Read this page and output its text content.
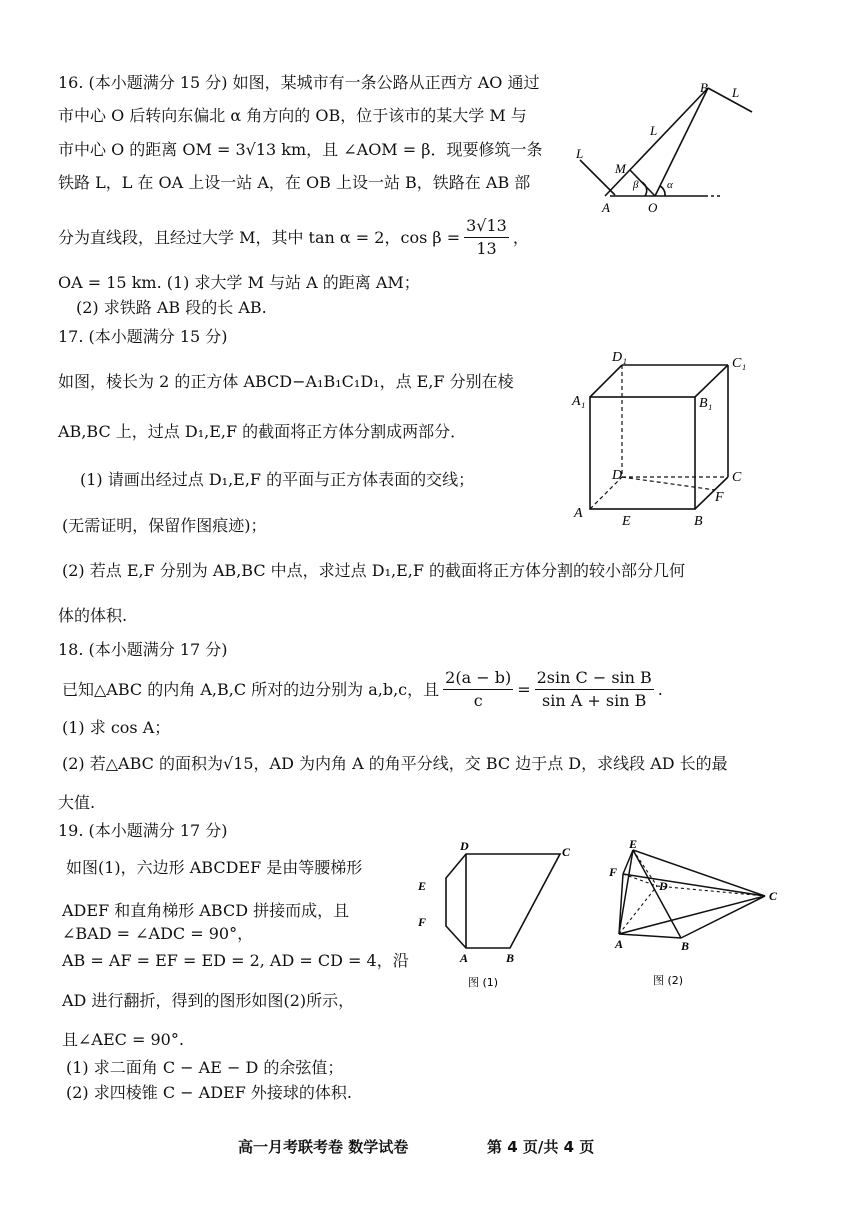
16. (本小题满分 15 分) 如图，某城市有一条公路从正西方 AO 通过
市中心 O 后转向东偏北 α 角方向的 OB，位于该市的某大学 M 与
市中心 O 的距离 OM = 3√13 km，且 ∠AOM = β．现要修筑一条
铁路 L，L 在 OA 上设一站 A，在 OB 上设一站 B，铁路在 AB 部
分为直线段，且经过大学 M，其中 tan α = 2，$\cos \beta = \frac{3√13}{13}$ ，
OA = 15 km. (1) 求大学 M 与站 A 的距离 AM；
(2) 求铁路 AB 段的长 AB.
B L
L
L
M
β	α
A	O
17. (本小题满分 15 分)
如图，棱长为 2 的正方体 ABCD−A₁B₁C₁D₁，点 E,F 分别在棱
AB,BC 上，过点 D₁,E,F 的截面将正方体分割成两部分．
(1) 请画出经过点 D₁,E,F 的平面与正方体表面的交线；
(无需证明，保留作图痕迹)；
(2) 若点 E,F 分别为 AB,BC 中点，求过点 D₁,E,F 的截面将正方体分割的较小部分几何
体的体积.
D₁	C₁
A₁	B₁
D	C
F
A
E	B
18. (本小题满分 17 分)
已知△ABC 的内角 A,B,C 所对的边分别为 a,b,c，且 $\frac{2(a - b)}{c} = \frac{\text{2sin C − sin B}}{\text{sin A + sin B}}$ .
(1) 求 cos A；
(2) 若△ABC 的面积为√15，AD 为内角 A 的角平分线，交 BC 边于点 D，求线段 AD 长的最
大值.
19. (本小题满分 17 分)
如图(1)，六边形 ABCDEF 是由等腰梯形
ADEF 和直角梯形 ABCD 拼接而成，且
∠BAD = ∠ADC = 90°，
AB = AF = EF = ED = 2, AD = CD = 4，沿
AD 进行翻折，得到的图形如图(2)所示，
且∠AEC = 90°.
(1) 求二面角 C − AE − D 的余弦值；
(2) 求四棱锥 C − ADEF 外接球的体积.
D	C
E
F
A	B
图 (1)
E
F
D
C
A	B
图 (2)
高一月考联考卷 数学试卷	第 4 页/共 4 页
